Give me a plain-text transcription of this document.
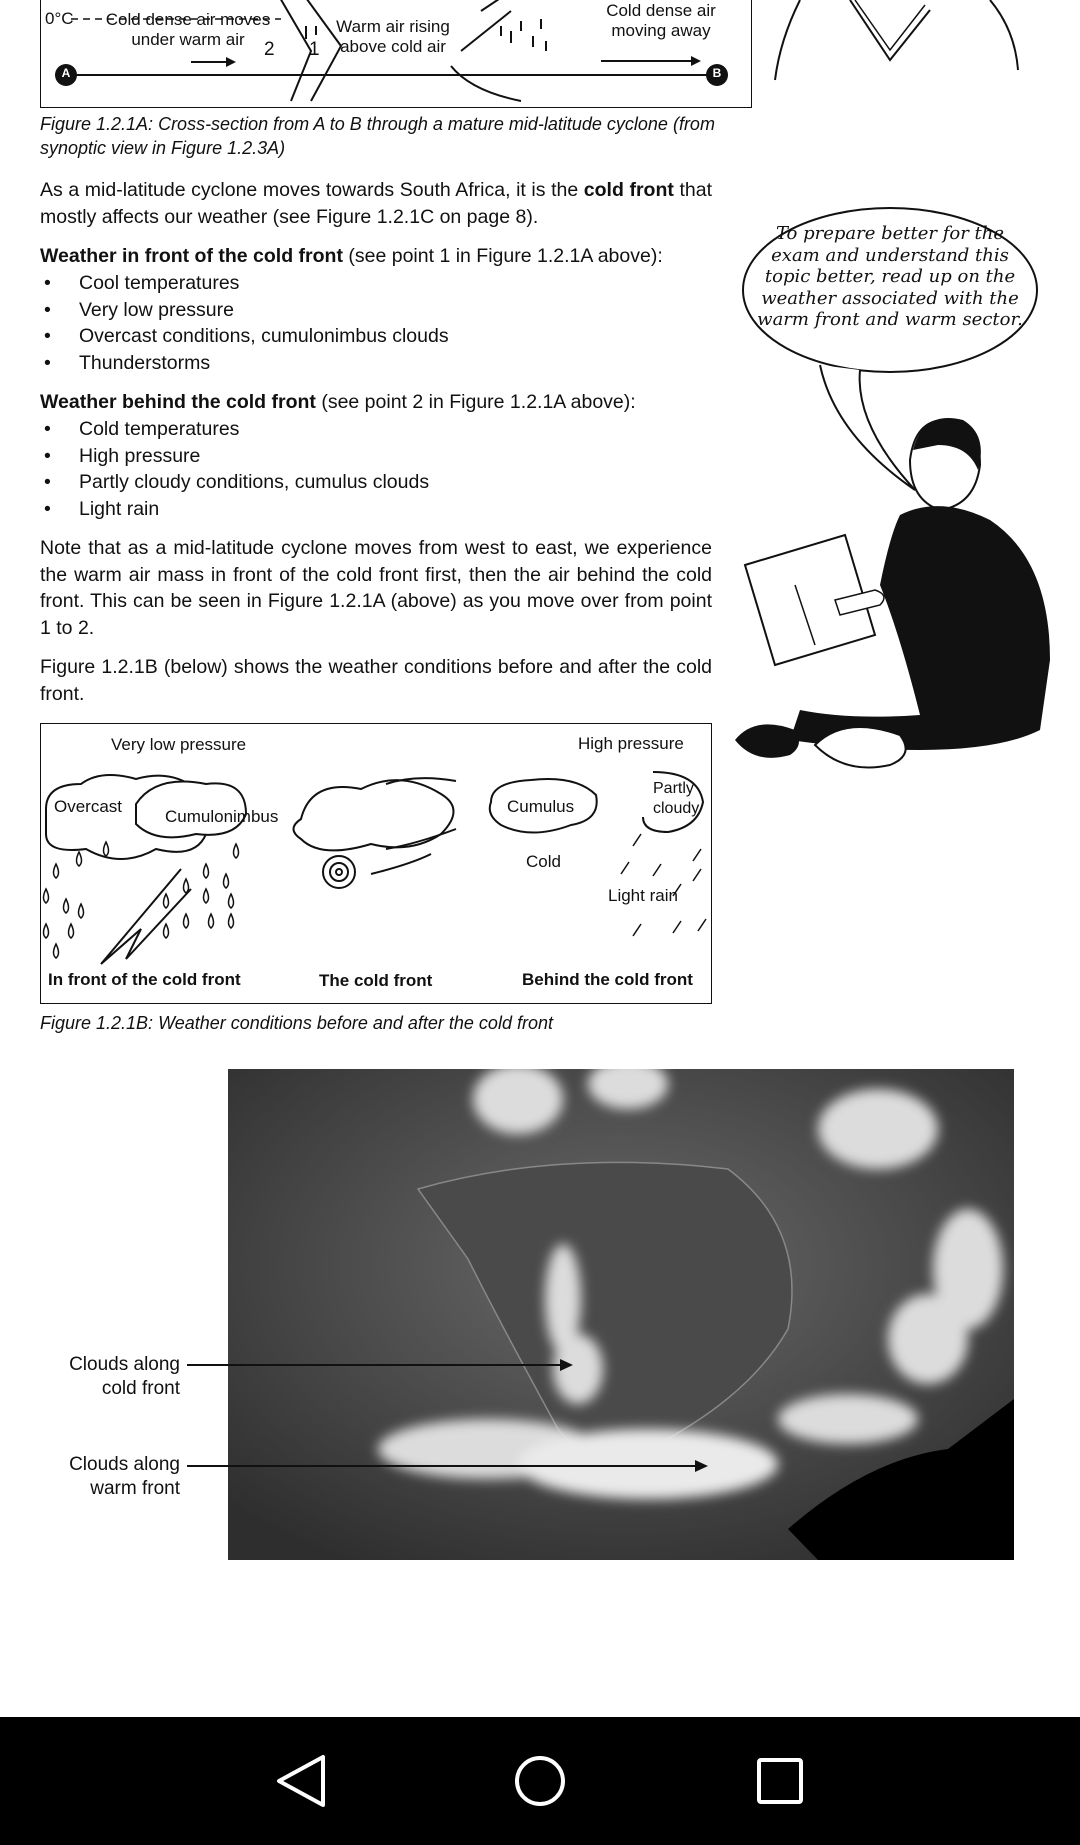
0°C	Cold dense air moves
under warm air	2 1
Warm air rising
above cold air
Cold dense air
moving away
A	B
Figure 1.2.1A: Cross-section from A to B through a mature mid-latitude cyclone (from synoptic view in Figure 1.2.3A)
As a mid-latitude cyclone moves towards South Africa, it is the cold front that mostly affects our weather (see Figure 1.2.1C on page 8).
Weather in front of the cold front (see point 1 in Figure 1.2.1A above):
• Cool temperatures
• Very low pressure
• Overcast conditions, cumulonimbus clouds
• Thunderstorms
Weather behind the cold front (see point 2 in Figure 1.2.1A above):
• Cold temperatures
• High pressure
• Partly cloudy conditions, cumulus clouds
• Light rain
Note that as a mid-latitude cyclone moves from west to east, we experience the warm air mass in front of the cold front first, then the air behind the cold front. This can be seen in Figure 1.2.1A (above) as you move over from point 1 to 2.
Figure 1.2.1B (below) shows the weather conditions before and after the cold front.
To prepare better for the exam and understand this topic better, read up on the weather associated with the warm front and warm sector.
Very low pressure	High pressure
Overcast
Cumulonimbus
Cumulus
Partly
cloudy
Cold
Light rain
In front of the cold front	The cold front	Behind the cold front
Figure 1.2.1B: Weather conditions before and after the cold front
Clouds along
cold front
Clouds along
warm front
